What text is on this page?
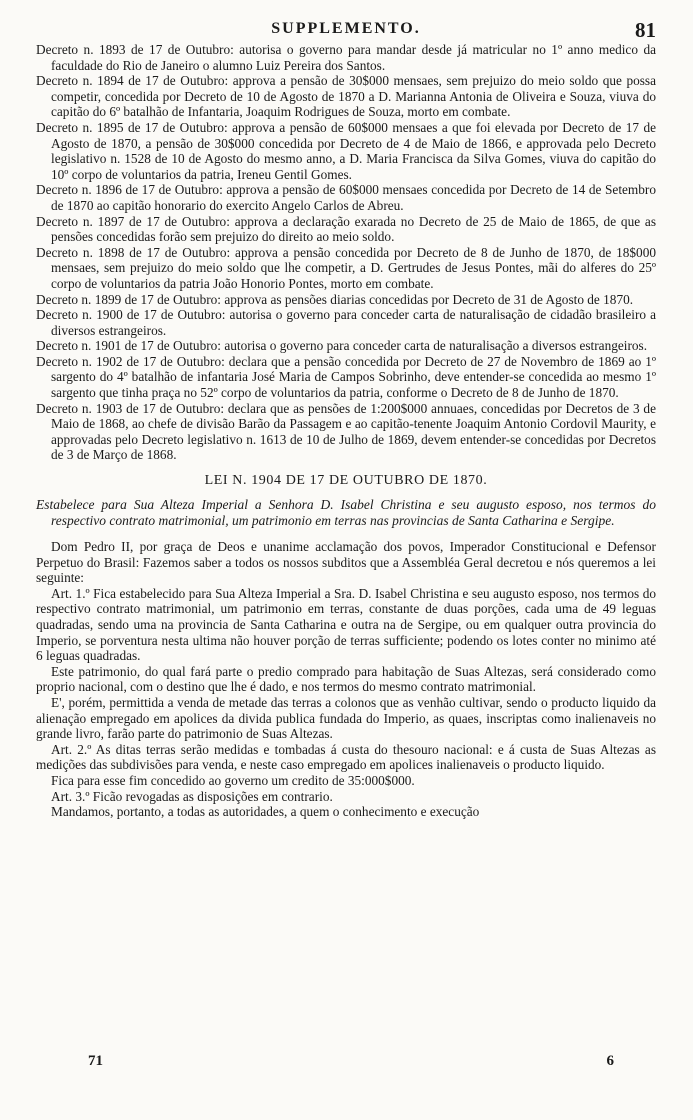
SUPPLEMENTO.	81

Decreto n. 1893 de 17 de Outubro: autorisa o governo para mandar desde já matricular no 1º anno medico da faculdade do Rio de Janeiro o alumno Luiz Pereira dos Santos.

Decreto n. 1894 de 17 de Outubro: approva a pensão de 30$000 mensaes, sem prejuizo do meio soldo que possa competir, concedida por Decreto de 10 de Agosto de 1870 a D. Marianna Antonia de Oliveira e Souza, viuva do capitão do 6º batalhão de Infantaria, Joaquim Rodrigues de Souza, morto em combate.

Decreto n. 1895 de 17 de Outubro: approva a pensão de 60$000 mensaes a que foi elevada por Decreto de 17 de Agosto de 1870, a pensão de 30$000 concedida por Decreto de 4 de Maio de 1866, e approvada pelo Decreto legislativo n. 1528 de 10 de Agosto do mesmo anno, a D. Maria Francisca da Silva Gomes, viuva do capitão do 10º corpo de voluntarios da patria, Ireneu Gentil Gomes.

Decreto n. 1896 de 17 de Outubro: approva a pensão de 60$000 mensaes concedida por Decreto de 14 de Setembro de 1870 ao capitão honorario do exercito Angelo Carlos de Abreu.

Decreto n. 1897 de 17 de Outubro: approva a declaração exarada no Decreto de 25 de Maio de 1865, de que as pensões concedidas forão sem prejuizo do direito ao meio soldo.

Decreto n. 1898 de 17 de Outubro: approva a pensão concedida por Decreto de 8 de Junho de 1870, de 18$000 mensaes, sem prejuizo do meio soldo que lhe competir, a D. Gertrudes de Jesus Pontes, mãi do alferes do 25º corpo de voluntarios da patria João Honorio Pontes, morto em combate.

Decreto n. 1899 de 17 de Outubro: approva as pensões diarias concedidas por Decreto de 31 de Agosto de 1870.

Decreto n. 1900 de 17 de Outubro: autorisa o governo para conceder carta de naturalisação de cidadão brasileiro a diversos estrangeiros.

Decreto n. 1901 de 17 de Outubro: autorisa o governo para conceder carta de naturalisação a diversos estrangeiros.

Decreto n. 1902 de 17 de Outubro: declara que a pensão concedida por Decreto de 27 de Novembro de 1869 ao 1º sargento do 4º batalhão de infantaria José Maria de Campos Sobrinho, deve entender-se concedida ao mesmo 1º sargento que tinha praça no 52º corpo de voluntarios da patria, conforme o Decreto de 8 de Junho de 1870.

Decreto n. 1903 de 17 de Outubro: declara que as pensões de 1:200$000 annuaes, concedidas por Decretos de 3 de Maio de 1868, ao chefe de divisão Barão da Passagem e ao capitão-tenente Joaquim Antonio Cordovil Maurity, e approvadas pelo Decreto legislativo n. 1613 de 10 de Julho de 1869, devem entender-se concedidas por Decretos de 3 de Março de 1868.

LEI N. 1904 DE 17 DE OUTUBRO DE 1870.

Estabelece para Sua Alteza Imperial a Senhora D. Isabel Christina e seu augusto esposo, nos termos do respectivo contrato matrimonial, um patrimonio em terras nas provincias de Santa Catharina e Sergipe.

Dom Pedro II, por graça de Deos e unanime acclamação dos povos, Imperador Constitucional e Defensor Perpetuo do Brasil: Fazemos saber a todos os nossos subditos que a Assembléa Geral decretou e nós queremos a lei seguinte:

Art. 1.º Fica estabelecido para Sua Alteza Imperial a Sra. D. Isabel Christina e seu augusto esposo, nos termos do respectivo contrato matrimonial, um patrimonio em terras, constante de duas porções, cada uma de 49 leguas quadradas, sendo uma na provincia de Santa Catharina e outra na de Sergipe, ou em qualquer outra provincia do Imperio, se porventura nesta ultima não houver porção de terras sufficiente; podendo os lotes conter no minimo até 6 leguas quadradas.

Este patrimonio, do qual fará parte o predio comprado para habitação de Suas Altezas, será considerado como proprio nacional, com o destino que lhe é dado, e nos termos do mesmo contrato matrimonial.

E', porém, permittida a venda de metade das terras a colonos que as venhão cultivar, sendo o producto liquido da alienação empregado em apolices da divida publica fundada do Imperio, as quaes, inscriptas como inalienaveis no grande livro, farão parte do patrimonio de Suas Altezas.

Art. 2.º As ditas terras serão medidas e tombadas á custa do thesouro nacional: e á custa de Suas Altezas as medições das subdivisões para venda, e neste caso empregado em apolices inalienaveis o producto liquido.

Fica para esse fim concedido ao governo um credito de 35:000$000.

Art. 3.º Ficão revogadas as disposições em contrario.

Mandamos, portanto, a todas as autoridades, a quem o conhecimento e execução

71	6
